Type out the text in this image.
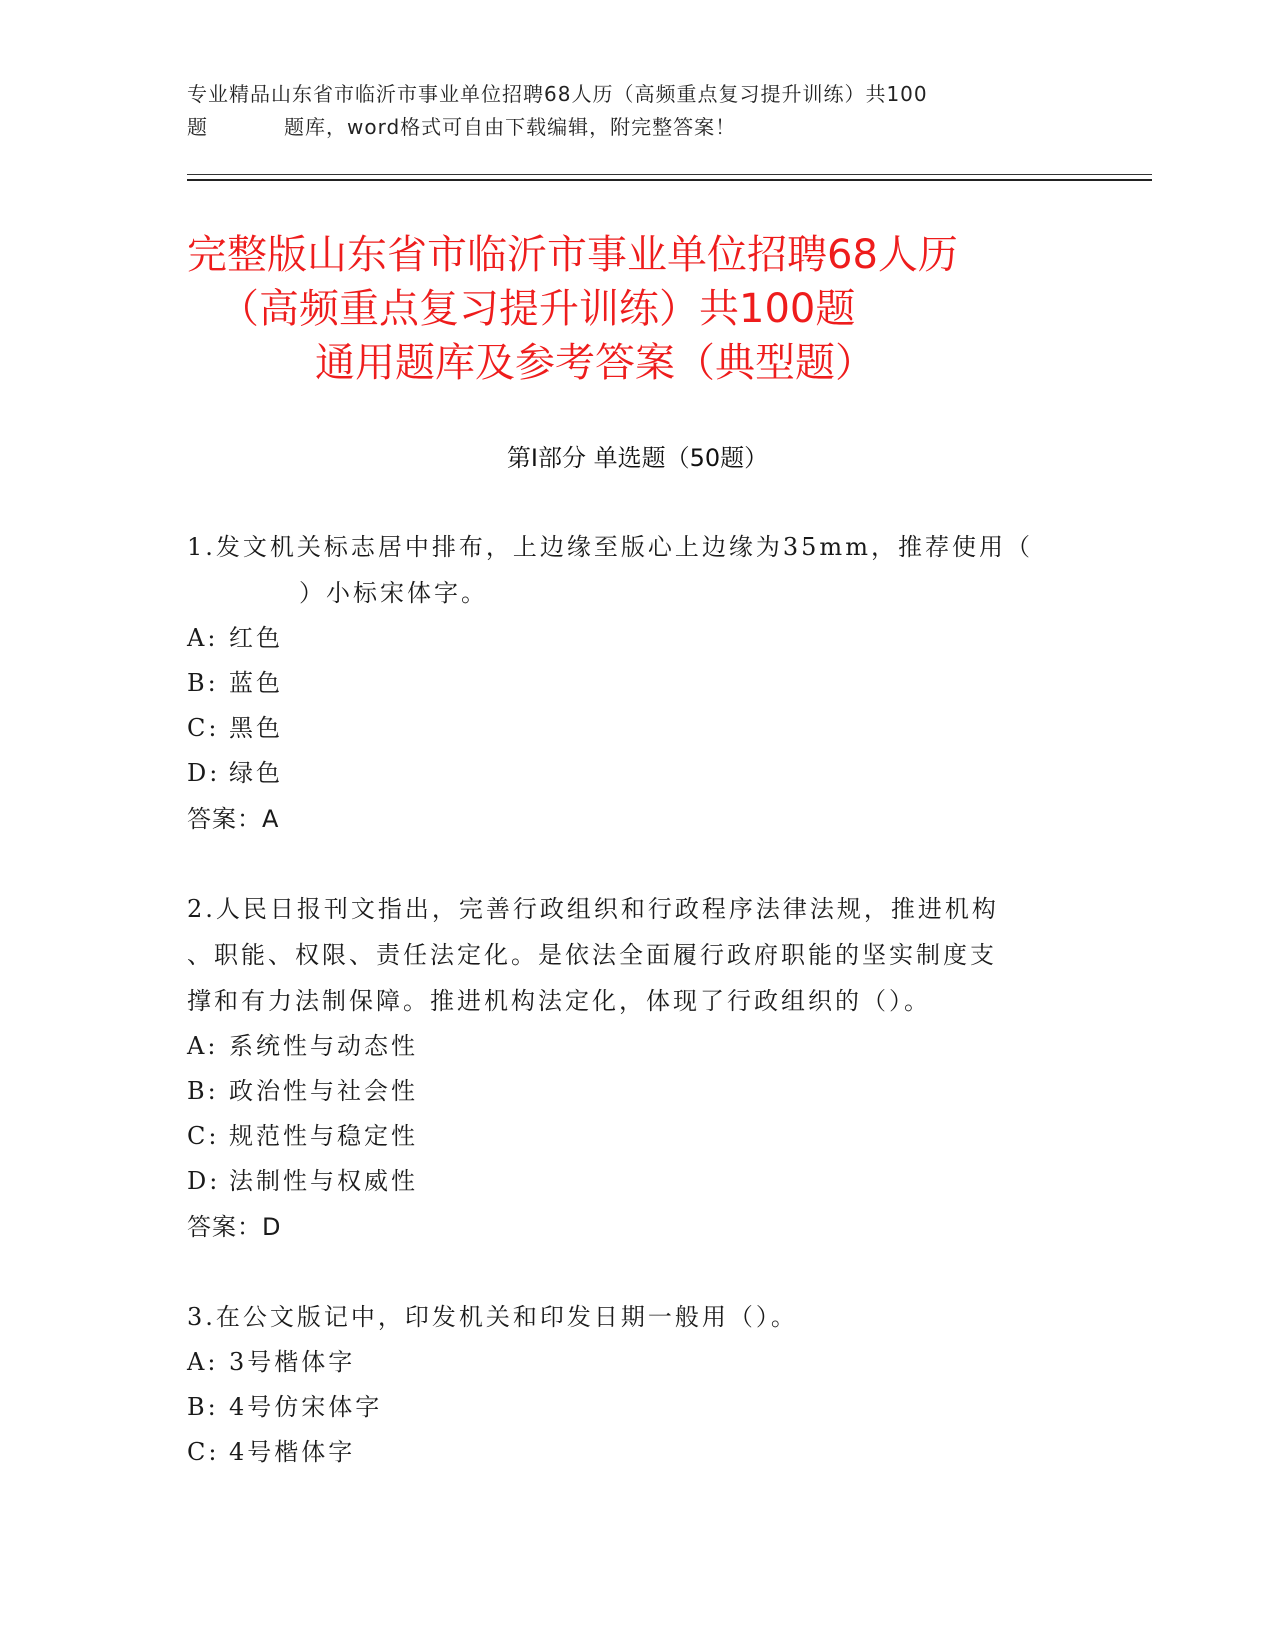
专业精品山东省市临沂市事业单位招聘68人历（高频重点复习提升训练）共100
题	题库，word格式可自由下载编辑，附完整答案！
完整版山东省市临沂市事业单位招聘68人历
（高频重点复习提升训练）共100题
通用题库及参考答案（典型题）
第Ⅰ部分 单选题（50题）
1.发文机关标志居中排布，上边缘至版心上边缘为35mm，推荐使用（
）小标宋体字。
A: 红色
B: 蓝色
C: 黑色
D: 绿色
答案：A
2.人民日报刊文指出，完善行政组织和行政程序法律法规，推进机构
、职能、权限、责任法定化。是依法全面履行政府职能的坚实制度支
撑和有力法制保障。推进机构法定化，体现了行政组织的（）。
A: 系统性与动态性
B: 政治性与社会性
C: 规范性与稳定性
D: 法制性与权威性
答案：D
3.在公文版记中，印发机关和印发日期一般用（）。
A: 3号楷体字
B: 4号仿宋体字
C: 4号楷体字
